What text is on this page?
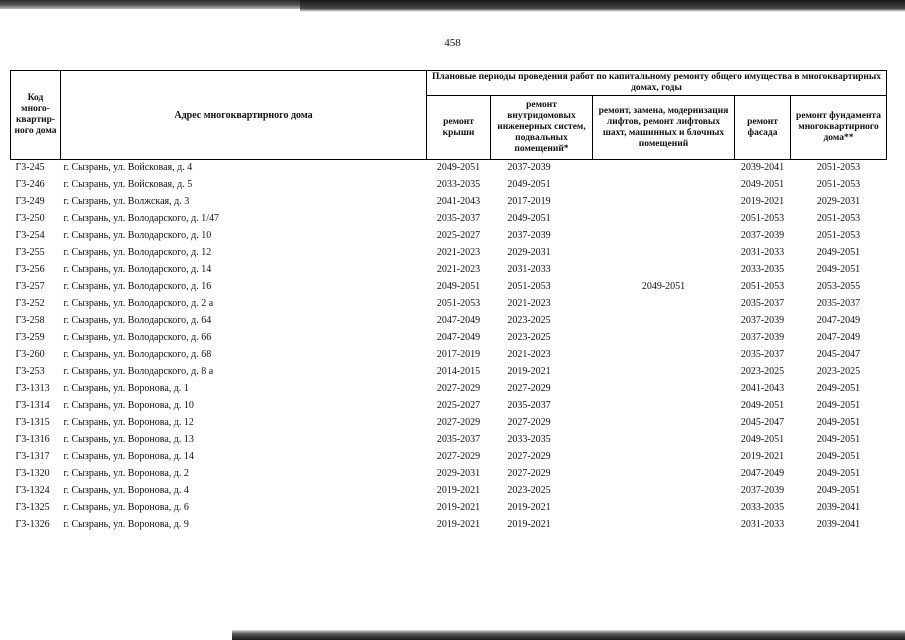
458
Код много-квартир-ного дома	Адрес многоквартирного дома	Плановые периоды проведения работ по капитальному ремонту общего имущества в многоквартирных домах, годы				
		ремонт крыши	ремонт внутридомовых инженерных систем, подвальных помещений*	ремонт, замена, модернизация лифтов, ремонт лифтовых шахт, машинных и блочных помещений	ремонт фасада	ремонт фундамента многоквартирного дома**
Г3-245	г. Сызрань, ул. Войсковая, д. 4	2049-2051	2037-2039		2039-2041	2051-2053
Г3-246	г. Сызрань, ул. Войсковая, д. 5	2033-2035	2049-2051		2049-2051	2051-2053
Г3-249	г. Сызрань, ул. Волжская, д. 3	2041-2043	2017-2019		2019-2021	2029-2031
Г3-250	г. Сызрань, ул. Володарского, д. 1/47	2035-2037	2049-2051		2051-2053	2051-2053
Г3-254	г. Сызрань, ул. Володарского, д. 10	2025-2027	2037-2039		2037-2039	2051-2053
Г3-255	г. Сызрань, ул. Володарского, д. 12	2021-2023	2029-2031		2031-2033	2049-2051
Г3-256	г. Сызрань, ул. Володарского, д. 14	2021-2023	2031-2033		2033-2035	2049-2051
Г3-257	г. Сызрань, ул. Володарского, д. 16	2049-2051	2051-2053	2049-2051	2051-2053	2053-2055
Г3-252	г. Сызрань, ул. Володарского, д. 2 а	2051-2053	2021-2023		2035-2037	2035-2037
Г3-258	г. Сызрань, ул. Володарского, д. 64	2047-2049	2023-2025		2037-2039	2047-2049
Г3-259	г. Сызрань, ул. Володарского, д. 66	2047-2049	2023-2025		2037-2039	2047-2049
Г3-260	г. Сызрань, ул. Володарского, д. 68	2017-2019	2021-2023		2035-2037	2045-2047
Г3-253	г. Сызрань, ул. Володарского, д. 8 а	2014-2015	2019-2021		2023-2025	2023-2025
Г3-1313	г. Сызрань, ул. Воронова, д. 1	2027-2029	2027-2029		2041-2043	2049-2051
Г3-1314	г. Сызрань, ул. Воронова, д. 10	2025-2027	2035-2037		2049-2051	2049-2051
Г3-1315	г. Сызрань, ул. Воронова, д. 12	2027-2029	2027-2029		2045-2047	2049-2051
Г3-1316	г. Сызрань, ул. Воронова, д. 13	2035-2037	2033-2035		2049-2051	2049-2051
Г3-1317	г. Сызрань, ул. Воронова, д. 14	2027-2029	2027-2029		2019-2021	2049-2051
Г3-1320	г. Сызрань, ул. Воронова, д. 2	2029-2031	2027-2029		2047-2049	2049-2051
Г3-1324	г. Сызрань, ул. Воронова, д. 4	2019-2021	2023-2025		2037-2039	2049-2051
Г3-1325	г. Сызрань, ул. Воронова, д. 6	2019-2021	2019-2021		2033-2035	2039-2041
Г3-1326	г. Сызрань, ул. Воронова, д. 9	2019-2021	2019-2021		2031-2033	2039-2041
